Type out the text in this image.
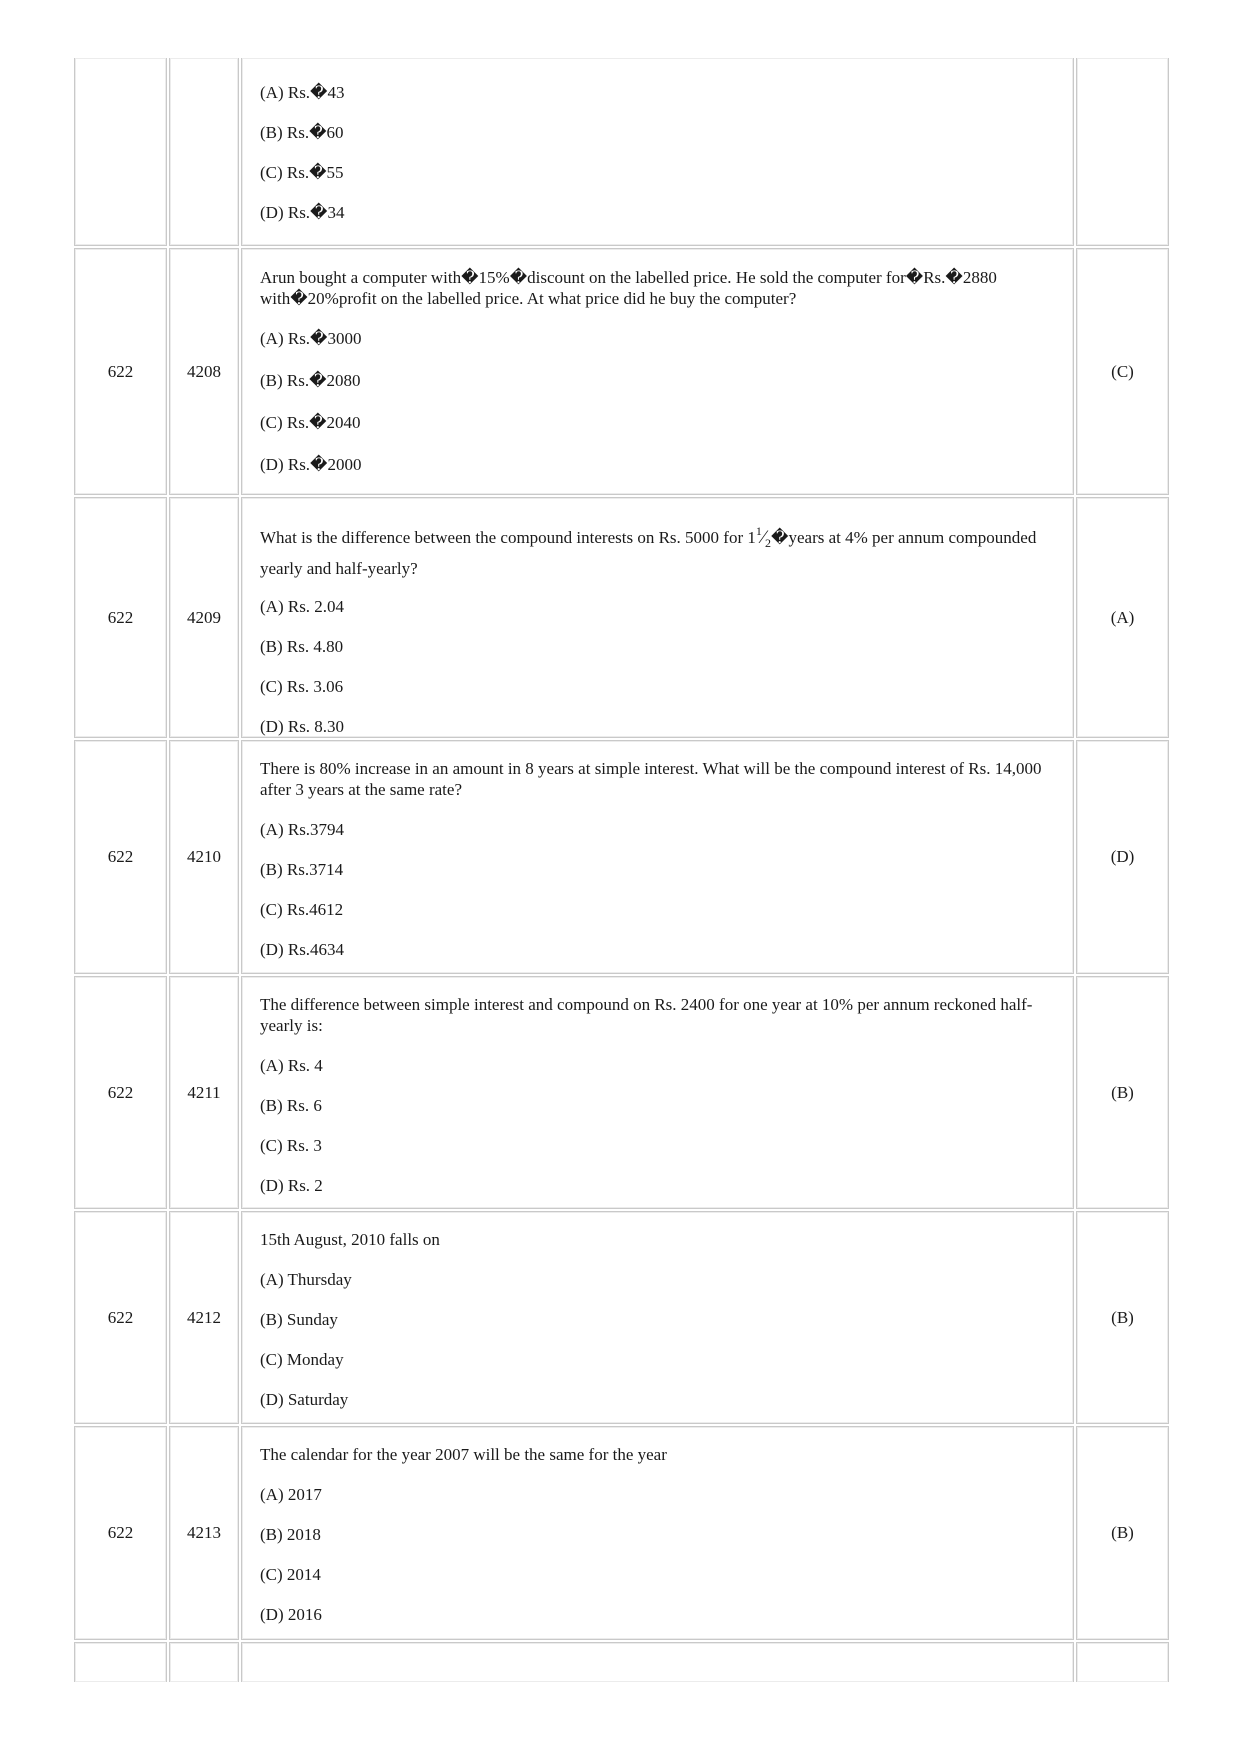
(A) Rs.�43

(B) Rs.�60

(C) Rs.�55

(D) Rs.�34

622	4208

Arun bought a computer with�15%�discount on the labelled price. He sold the computer for�Rs.�2880 with�20%profit on the labelled price. At what price did he buy the computer?

(A) Rs.�3000

(B) Rs.�2080

(C) Rs.�2040

(D) Rs.�2000

(C)
622	4209

What is the difference between the compound interests on Rs. 5000 for $1^1⁄_2�years$ at 4% per annum compounded yearly and half-yearly?

(A) Rs. 2.04

(B) Rs. 4.80

(C) Rs. 3.06

(D) Rs. 8.30

(A)
622	4210

There is 80% increase in an amount in 8 years at simple interest. What will be the compound interest of Rs. 14,000 after 3 years at the same rate?

(A) Rs.3794

(B) Rs.3714

(C) Rs.4612

(D) Rs.4634

(D)
622	4211

The difference between simple interest and compound on Rs. 2400 for one year at 10% per annum reckoned half-yearly is:

(A) Rs. 4

(B) Rs. 6

(C) Rs. 3

(D) Rs. 2

(B)
622	4212

15th August, 2010 falls on

(A) Thursday

(B) Sunday

(C) Monday

(D) Saturday

(B)
622	4213

The calendar for the year 2007 will be the same for the year

(A) 2017

(B) 2018

(C) 2014

(D) 2016

(B)
